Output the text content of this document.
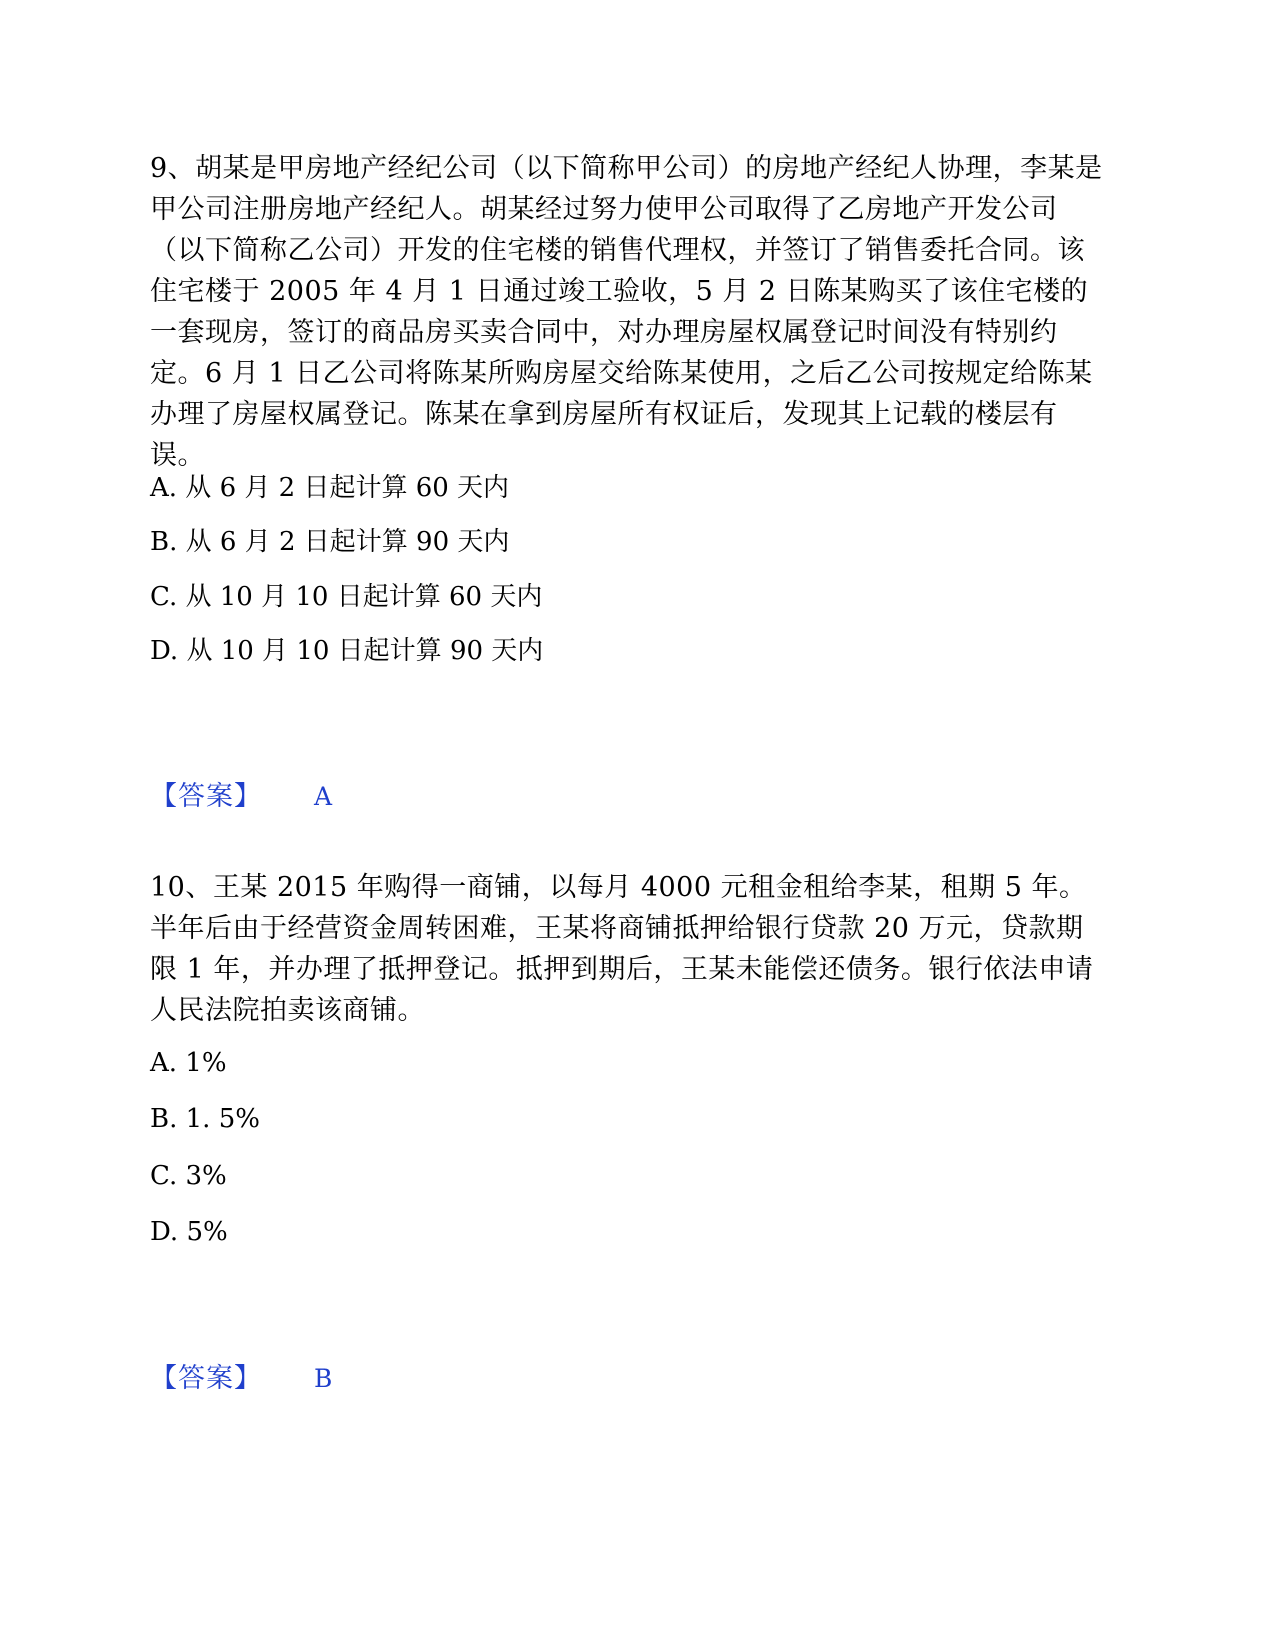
9、胡某是甲房地产经纪公司（以下简称甲公司）的房地产经纪人协理，李某是甲公司注册房地产经纪人。胡某经过努力使甲公司取得了乙房地产开发公司（以下简称乙公司）开发的住宅楼的销售代理权，并签订了销售委托合同。该住宅楼于 2005 年 4 月 1 日通过竣工验收，5 月 2 日陈某购买了该住宅楼的一套现房，签订的商品房买卖合同中，对办理房屋权属登记时间没有特别约定。6 月 1 日乙公司将陈某所购房屋交给陈某使用，之后乙公司按规定给陈某办理了房屋权属登记。陈某在拿到房屋所有权证后，发现其上记载的楼层有误。

A. 从 6 月 2 日起计算 60 天内

B. 从 6 月 2 日起计算 90 天内

C. 从 10 月 10 日起计算 60 天内

D. 从 10 月 10 日起计算 90 天内

【答案】 A

10、王某 2015 年购得一商铺，以每月 4000 元租金租给李某，租期 5 年。半年后由于经营资金周转困难，王某将商铺抵押给银行贷款 20 万元，贷款期限 1 年，并办理了抵押登记。抵押到期后，王某未能偿还债务。银行依法申请人民法院拍卖该商铺。

A. 1%

B. 1. 5%

C. 3%

D. 5%

【答案】 B
